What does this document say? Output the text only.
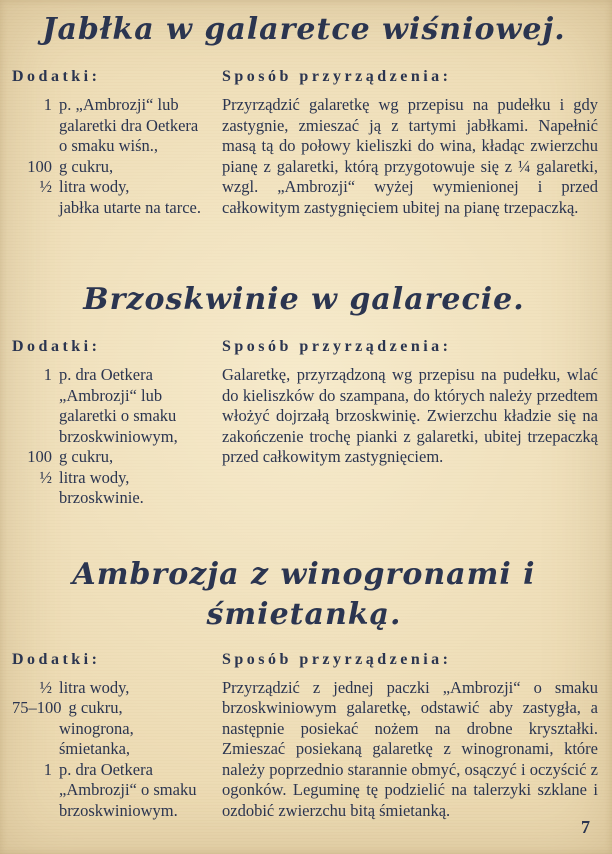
Jabłka w galaretce wiśniowej.
Dodatki:
1 p. „Ambrozji“ lub galaretki dra Oetkera o smaku wiśn.,
100 g cukru,
½ litra wody,
jabłka utarte na tarce.
Sposób przyrządzenia:

Przyrządzić galaretkę wg przepisu na pudełku i gdy zastygnie, zmieszać ją z tartymi jabłkami. Napełnić masą tą do połowy kieliszki do wina, kładąc zwierzchu pianę z galaretki, którą przygotowuje się z ¼ galaretki, wzgl. „Ambrozji“ wyżej wymienionej i przed całkowitym zastygnięciem ubitej na pianę trzepaczką.

Brzoskwinie w galarecie.
Dodatki:
1 p. dra Oetkera „Ambrozji“ lub galaretki o smaku brzoskwiniowym,
100 g cukru,
½ litra wody,
brzoskwinie.
Sposób przyrządzenia:

Galaretkę, przyrządzoną wg przepisu na pudełku, wlać do kieliszków do szampana, do których należy przedtem włożyć dojrzałą brzoskwinię. Zwierzchu kładzie się na zakończenie trochę pianki z galaretki, ubitej trzepaczką przed całkowitym zastygnięciem.

Ambrozja z winogronami i śmietanką.
Dodatki:
½ litra wody,
75–100 g cukru,
winogrona,
śmietanka,
1 p. dra Oetkera „Ambrozji“ o smaku brzoskwiniowym.
Sposób przyrządzenia:

Przyrządzić z jednej paczki „Ambrozji“ o smaku brzoskwiniowym galaretkę, odstawić aby zastygła, a następnie posiekać nożem na drobne kryształki. Zmieszać posiekaną galaretkę z winogronami, które należy poprzednio starannie obmyć, osączyć i oczyścić z ogonków. Leguminę tę podzielić na talerzyki szklane i ozdobić zwierzchu bitą śmietanką.

7
